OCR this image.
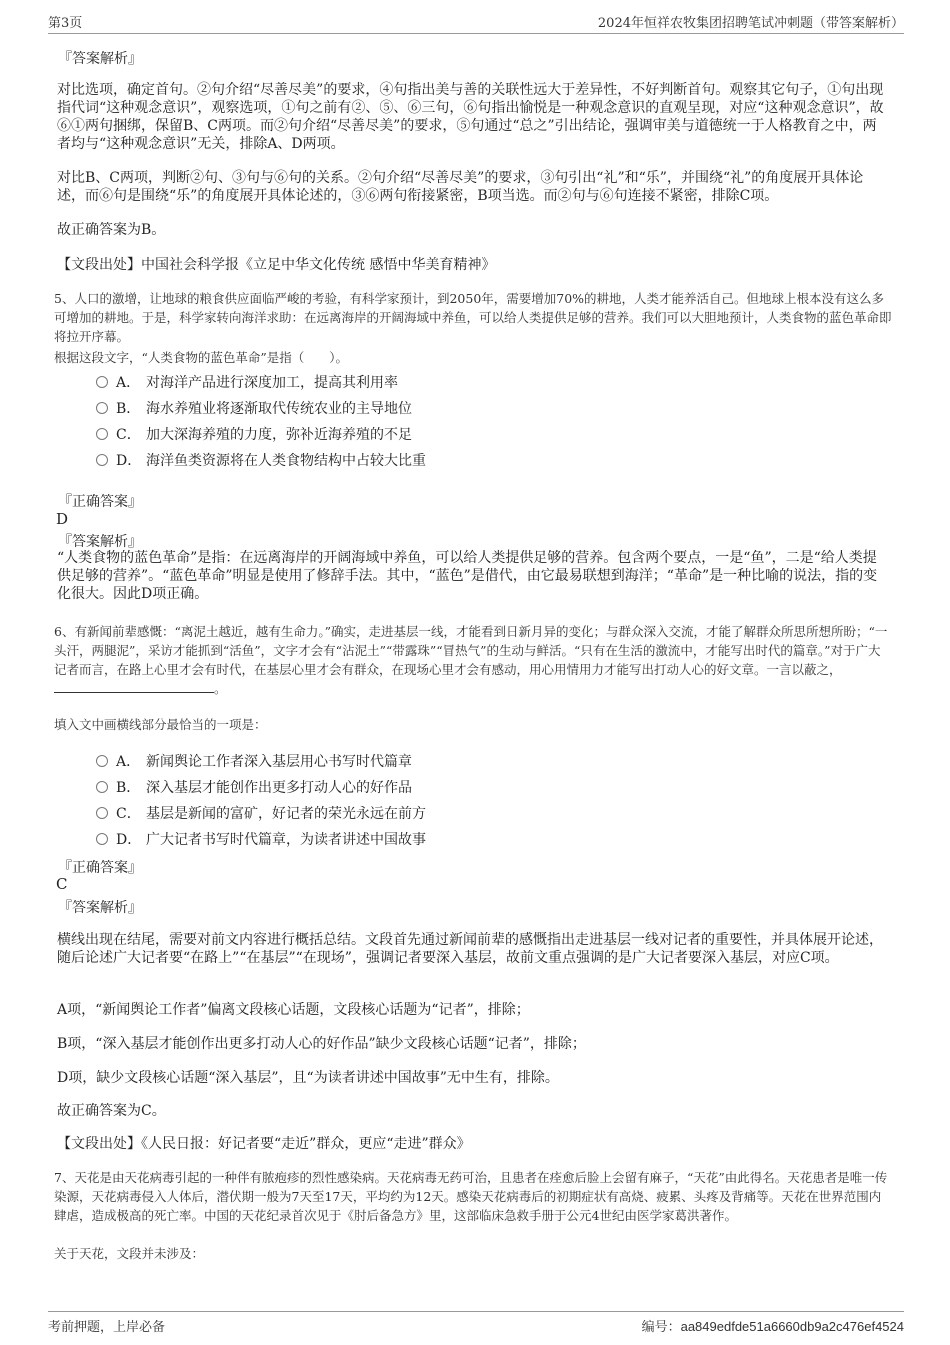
第3页	2024年恒祥农牧集团招聘笔试冲刺题（带答案解析）
『答案解析』
对比选项，确定首句。②句介绍“尽善尽美”的要求，④句指出美与善的关联性远大于差异性，不好判断首句。观察其它句子，①句出现指代词“这种观念意识”，观察选项，①句之前有②、⑤、⑥三句，⑥句指出愉悦是一种观念意识的直观呈现，对应“这种观念意识”，故⑥①两句捆绑，保留B、C两项。而②句介绍“尽善尽美”的要求，⑤句通过“总之”引出结论，强调审美与道德统一于人格教育之中，两者均与“这种观念意识”无关，排除A、D两项。
对比B、C两项，判断②句、③句与⑥句的关系。②句介绍“尽善尽美”的要求，③句引出“礼”和“乐”，并围绕“礼”的角度展开具体论述，而⑥句是围绕“乐”的角度展开具体论述的，③⑥两句衔接紧密，B项当选。而②句与⑥句连接不紧密，排除C项。
故正确答案为B。
【文段出处】中国社会科学报《立足中华文化传统 感悟中华美育精神》
5、人口的激增，让地球的粮食供应面临严峻的考验，有科学家预计，到2050年，需要增加70%的耕地，人类才能养活自己。但地球上根本没有这么多可增加的耕地。于是，科学家转向海洋求助：在远离海岸的开阔海域中养鱼，可以给人类提供足够的营养。我们可以大胆地预计，人类食物的蓝色革命即将拉开序幕。
根据这段文字，“人类食物的蓝色革命”是指（　　）。
A． 对海洋产品进行深度加工，提高其利用率
B． 海水养殖业将逐渐取代传统农业的主导地位
C． 加大深海养殖的力度，弥补近海养殖的不足
D． 海洋鱼类资源将在人类食物结构中占较大比重
『正确答案』
D
『答案解析』
“人类食物的蓝色革命”是指：在远离海岸的开阔海域中养鱼，可以给人类提供足够的营养。包含两个要点，一是“鱼”，二是“给人类提供足够的营养”。“蓝色革命”明显是使用了修辞手法。其中，“蓝色”是借代，由它最易联想到海洋；“革命”是一种比喻的说法，指的变化很大。因此D项正确。
6、有新闻前辈感慨：“离泥土越近，越有生命力。”确实，走进基层一线，才能看到日新月异的变化；与群众深入交流，才能了解群众所思所想所盼；“一头汗，两腿泥”，采访才能抓到“活鱼”，文字才会有“沾泥土”“带露珠”“冒热气”的生动与鲜活。“只有在生活的激流中，才能写出时代的篇章。”对于广大记者而言，在路上心里才会有时代，在基层心里才会有群众，在现场心里才会有感动，用心用情用力才能写出打动人心的好文章。一言以蔽之，。
填入文中画横线部分最恰当的一项是：
A． 新闻舆论工作者深入基层用心书写时代篇章
B． 深入基层才能创作出更多打动人心的好作品
C． 基层是新闻的富矿，好记者的荣光永远在前方
D． 广大记者书写时代篇章，为读者讲述中国故事
『正确答案』
C
『答案解析』
横线出现在结尾，需要对前文内容进行概括总结。文段首先通过新闻前辈的感慨指出走进基层一线对记者的重要性，并具体展开论述，随后论述广大记者要“在路上”“在基层”“在现场”，强调记者要深入基层，故前文重点强调的是广大记者要深入基层，对应C项。
A项，“新闻舆论工作者”偏离文段核心话题，文段核心话题为“记者”，排除；
B项，“深入基层才能创作出更多打动人心的好作品”缺少文段核心话题“记者”，排除；
D项，缺少文段核心话题“深入基层”，且“为读者讲述中国故事”无中生有，排除。
故正确答案为C。
【文段出处】《人民日报：好记者要“走近”群众，更应“走进”群众》
7、天花是由天花病毒引起的一种伴有脓疱疹的烈性感染病。天花病毒无药可治，且患者在痊愈后脸上会留有麻子，“天花”由此得名。天花患者是唯一传染源，天花病毒侵入人体后，潜伏期一般为7天至17天，平均约为12天。感染天花病毒后的初期症状有高烧、疲累、头疼及背痛等。天花在世界范围内肆虐，造成极高的死亡率。中国的天花纪录首次见于《肘后备急方》里，这部临床急救手册于公元4世纪由医学家葛洪著作。
关于天花，文段并未涉及：
考前押题，上岸必备	编号：aa849edfde51a6660db9a2c476ef4524
